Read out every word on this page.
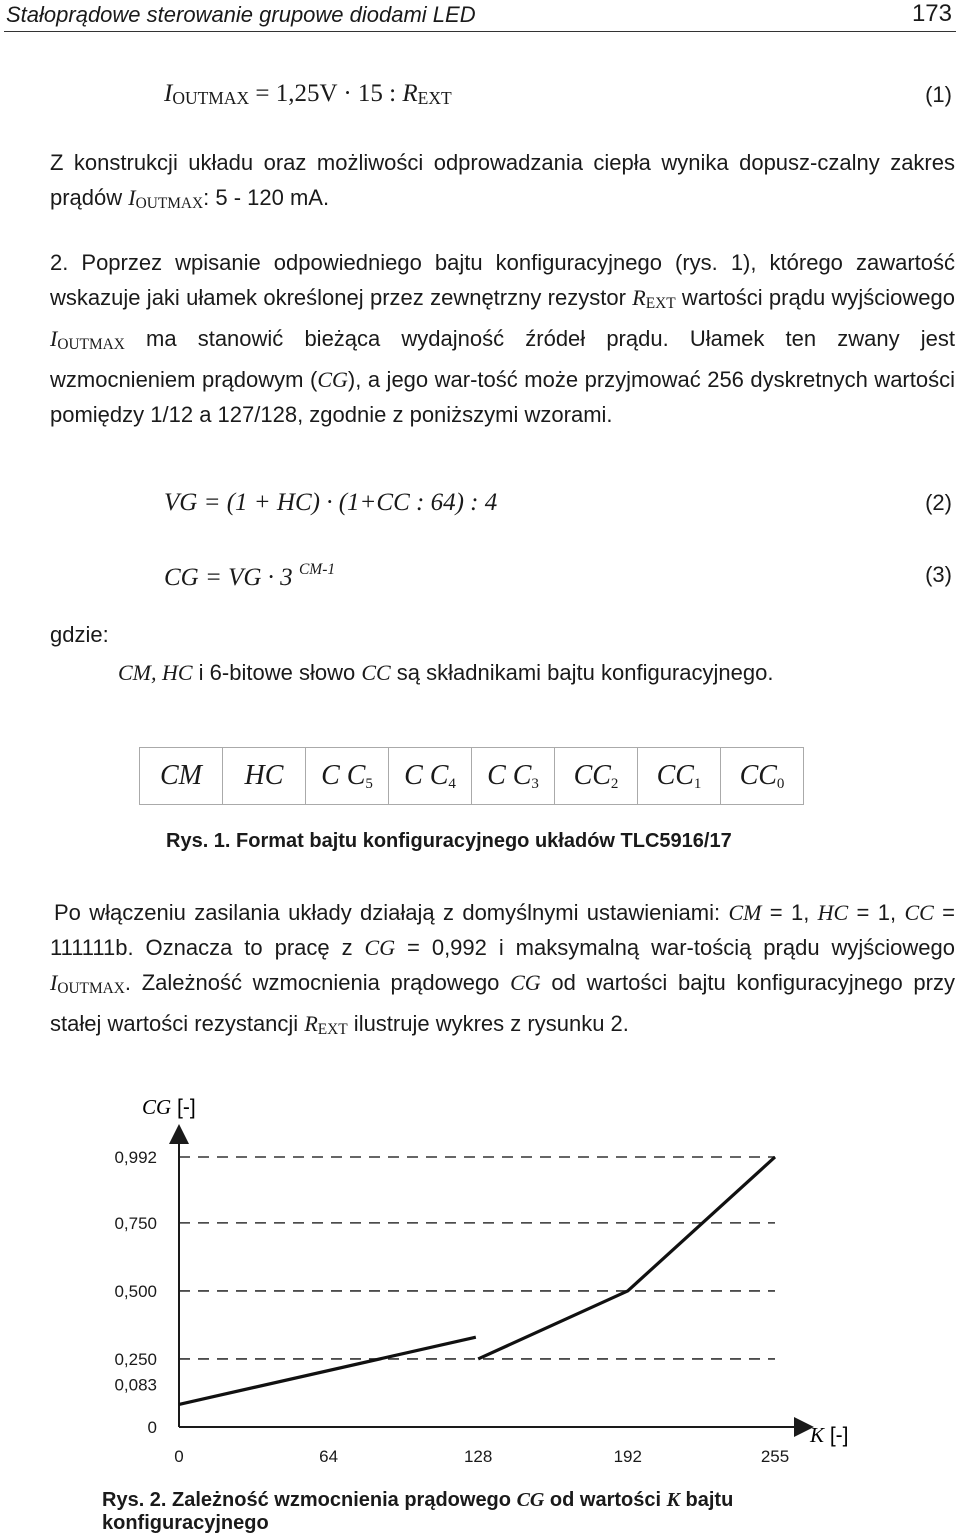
Stałoprądowe sterowanie grupowe diodami LED	173
IOUTMAX = 1,25V · 15 : REXT	(1)

Z konstrukcji układu oraz możliwości odprowadzania ciepła wynika dopusz-czalny zakres prądów IOUTMAX: 5 - 120 mA.

2. Poprzez wpisanie odpowiedniego bajtu konfiguracyjnego (rys. 1), którego zawartość wskazuje jaki ułamek określonej przez zewnętrzny rezystor REXT wartości prądu wyjściowego IOUTMAX ma stanowić bieżąca wydajność źródeł prądu. Ułamek ten zwany jest wzmocnieniem prądowym (CG), a jego war-tość może przyjmować 256 dyskretnych wartości pomiędzy 1/12 a 127/128, zgodnie z poniższymi wzorami.

VG = (1 + HC) · (1+CC : 64) : 4	(2)
CG = VG · 3 $^{CM-1}$	(3)
gdzie:
CM, HC i 6-bitowe słowo CC są składnikami bajtu konfiguracyjnego.
CM	HC	C $C_5$	C $C_4$	C $C_3$	$CC_2$	$CC_1$	$CC_0$
Rys. 1. Format bajtu konfiguracyjnego układów TLC5916/17

Po włączeniu zasilania układy działają z domyślnymi ustawieniami: CM = 1, HC = 1, CC = 111111b. Oznacza to pracę z CG = 0,992 i maksymalną war-tością prądu wyjściowego IOUTMAX. Zależność wzmocnienia prądowego CG od wartości bajtu konfiguracyjnego przy stałej wartości rezystancji REXT ilustruje wykres z rysunku 2.

CG [-]
K [-]
0
0,083
0,250
0,500
0,750
0,992
0	64	128	192	255
Rys. 2. Zależność wzmocnienia prądowego CG od wartości K bajtu konfiguracyjnego
